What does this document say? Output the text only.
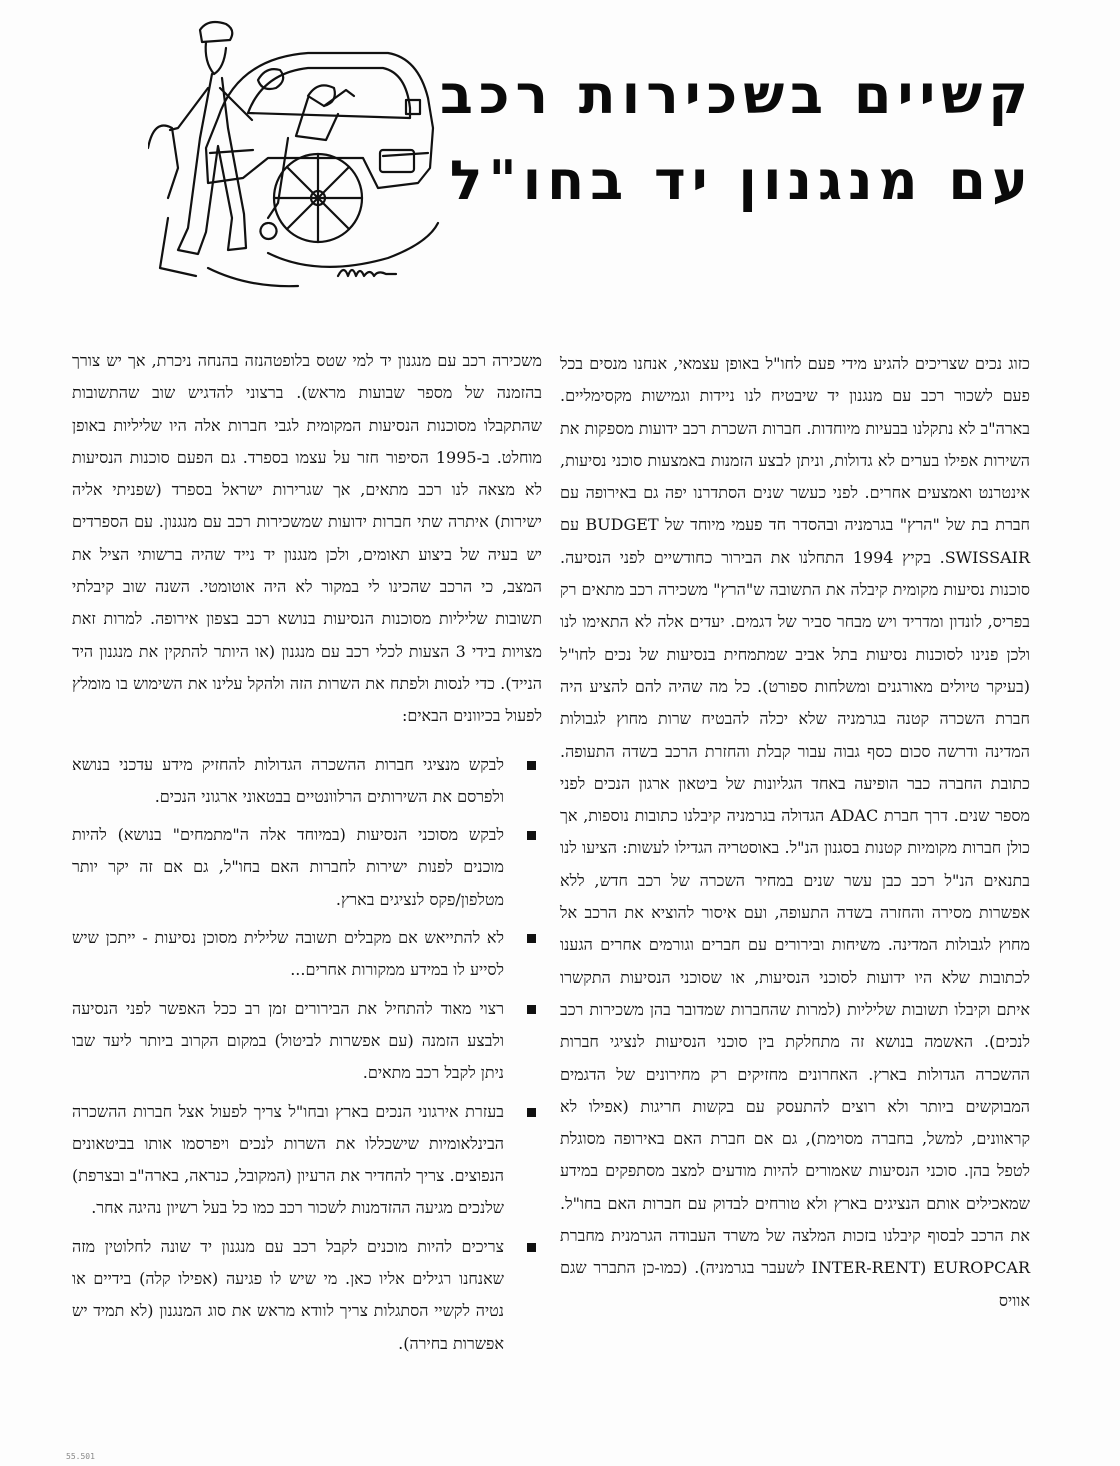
קשיים בשכירות רכב
עם מנגנון יד בחו"ל

כזוג נכים שצריכים להגיע מידי פעם לחו"ל באופן עצמאי, אנחנו מנסים בכל פעם לשכור רכב עם מנגנון יד שיבטיח לנו ניידות וגמישות מקסימליים. בארה"ב לא נתקלנו בבעיות מיוחדות. חברות השכרת רכב ידועות מספקות את השירות אפילו בערים לא גדולות, וניתן לבצע הזמנות באמצעות סוכני נסיעות, אינטרנט ואמצעים אחרים. לפני כעשר שנים הסתדרנו יפה גם באירופה עם חברת בת של "הרץ" בגרמניה ובהסדר חד פעמי מיוחד של BUDGET עם SWISSAIR. בקיץ 1994 התחלנו את הבירור כחודשיים לפני הנסיעה. סוכנות נסיעות מקומית קיבלה את התשובה ש"הרץ" משכירה רכב מתאים רק בפריס, לונדון ומדריד ויש מבחר סביר של דגמים. יעדים אלה לא התאימו לנו ולכן פנינו לסוכנות נסיעות בתל אביב שמתמחית בנסיעות של נכים לחו"ל (בעיקר טיולים מאורגנים ומשלחות ספורט). כל מה שהיה להם להציע היה חברת השכרה קטנה בגרמניה שלא יכלה להבטיח שרות מחוץ לגבולות המדינה ודרשה סכום כסף גבוה עבור קבלת והחזרת הרכב בשדה התעופה. כתובת החברה כבר הופיעה באחד הגליונות של ביטאון ארגון הנכים לפני מספר שנים. דרך חברת ADAC הגדולה בגרמניה קיבלנו כתובות נוספות, אך כולן חברות מקומיות קטנות בסגנון הנ"ל. באוסטריה הגדילו לעשות: הציעו לנו בתנאים הנ"ל רכב כבן עשר שנים במחיר השכרה של רכב חדש, ללא אפשרות מסירה והחזרה בשדה התעופה, ועם איסור להוציא את הרכב אל מחוץ לגבולות המדינה. משיחות ובירורים עם חברים וגורמים אחרים הגענו לכתובות שלא היו ידועות לסוכני הנסיעות, או שסוכני הנסיעות התקשרו איתם וקיבלו תשובות שליליות (למרות שהחברות שמדובר בהן משכירות רכב לנכים). האשמה בנושא זה מתחלקת בין סוכני הנסיעות לנציגי חברות ההשכרה הגדולות בארץ. האחרונים מחזיקים רק מחירונים של הדגמים המבוקשים ביותר ולא רוצים להתעסק עם בקשות חריגות (אפילו לא קראוונים, למשל, בחברה מסוימת), גם אם חברת האם באירופה מסוגלת לטפל בהן. סוכני הנסיעות שאמורים להיות מודעים למצב מסתפקים במידע שמאכילים אותם הנציגים בארץ ולא טורחים לבדוק עם חברות האם בחו"ל. את הרכב לבסוף קיבלנו בזכות המלצה של משרד העבודה הגרמנית מחברת EUROPCAR (INTER-RENT לשעבר בגרמניה). (כמו-כן התברר שגם אוויס

משכירה רכב עם מנגנון יד למי שטס בלופטהנזה בהנחה ניכרת, אך יש צורך בהזמנה של מספר שבועות מראש). ברצוני להדגיש שוב שהתשובות שהתקבלו מסוכנות הנסיעות המקומית לגבי חברות אלה היו שליליות באופן מוחלט. ב-1995 הסיפור חזר על עצמו בספרד. גם הפעם סוכנות הנסיעות לא מצאה לנו רכב מתאים, אך שגרירות ישראל בספרד (שפניתי אליה ישירות) איתרה שתי חברות ידועות שמשכירות רכב עם מנגנון. עם הספרדים יש בעיה של ביצוע תאומים, ולכן מנגנון יד נייד שהיה ברשותי הציל את המצב, כי הרכב שהכינו לי במקור לא היה אוטומטי. השנה שוב קיבלתי תשובות שליליות מסוכנות הנסיעות בנושא רכב בצפון אירופה. למרות זאת מצויות בידי 3 הצעות לכלי רכב עם מנגנון (או היותר להתקין את מנגנון היד הנייד). כדי לנסות ולפתח את השרות הזה ולהקל עלינו את השימוש בו מומלץ לפעול בכיוונים הבאים:

לבקש מנציגי חברות ההשכרה הגדולות להחזיק מידע עדכני בנושא ולפרסם את השירותים הרלוונטיים בבטאוני ארגוני הנכים.
לבקש מסוכני הנסיעות (במיוחד אלה ה"מתמחים" בנושא) להיות מוכנים לפנות ישירות לחברות האם בחו"ל, גם אם זה יקר יותר מטלפון/פקס לנציגים בארץ.
לא להתייאש אם מקבלים תשובה שלילית מסוכן נסיעות - ייתכן שיש לסייע לו במידע ממקורות אחרים...
רצוי מאוד להתחיל את הבירורים זמן רב ככל האפשר לפני הנסיעה ולבצע הזמנה (עם אפשרות לביטול) במקום הקרוב ביותר ליעד שבו ניתן לקבל רכב מתאים.
בעזרת אירגוני הנכים בארץ ובחו"ל צריך לפעול אצל חברות ההשכרה הבינלאומיות שישכללו את השרות לנכים ויפרסמו אותו בביטאונים הנפוצים. צריך להחדיר את הרעיון (המקובל, כנראה, בארה"ב ובצרפת) שלנכים מגיעה ההזדמנות לשכור רכב כמו כל בעל רשיון נהיגה אחר.
צריכים להיות מוכנים לקבל רכב עם מנגנון יד שונה לחלוטין מזה שאנחנו רגילים אליו כאן. מי שיש לו פגיעה (אפילו קלה) בידיים או נטיה לקשיי הסתגלות צריך לוודא מראש את סוג המנגנון (לא תמיד יש אפשרות בחירה).
55.501
